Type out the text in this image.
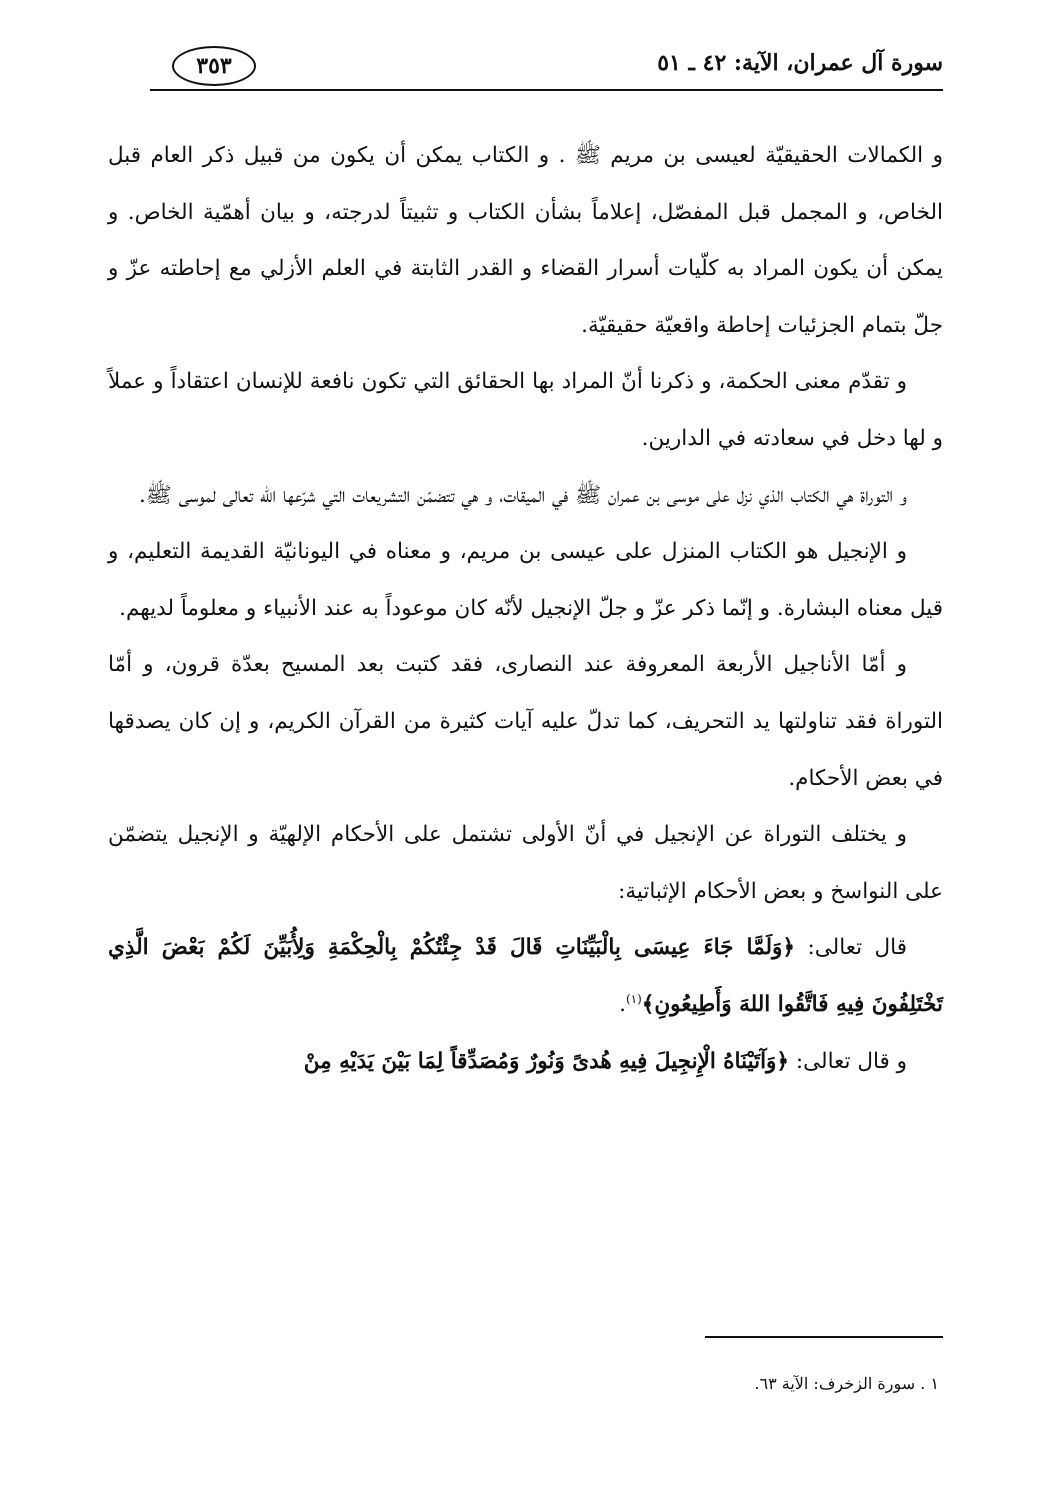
سورة آل عمران، الآية: ٤٢ ـ ٥١
٣٥٣

و الكمالات الحقيقيّة لعيسى بن مريم ﷺ . و الكتاب يمكن أن يكون من قبيل ذكر العام قبل الخاص، و المجمل قبل المفصّل، إعلاماً بشأن الكتاب و تثبيتاً لدرجته، و بيان أهمّية الخاص. و يمكن أن يكون المراد به كلّيات أسرار القضاء و القدر الثابتة في العلم الأزلي مع إحاطته عزّ و جلّ بتمام الجزئيات إحاطة واقعيّة حقيقيّة.

و تقدّم معنى الحكمة، و ذكرنا أنّ المراد بها الحقائق التي تكون نافعة للإنسان اعتقاداً و عملاً و لها دخل في سعادته في الدارين.

و التوراة هي الكتاب الذي نزل على موسى بن عمران ﷺ في الميقات، و هي تتضمّن التشريعات التي شرّعها الله تعالى لموسى ﷺ.

و الإنجيل هو الكتاب المنزل على عيسى بن مريم، و معناه في اليونانيّة القديمة التعليم، و قيل معناه البشارة. و إنّما ذكر عزّ و جلّ الإنجيل لأنّه كان موعوداً به عند الأنبياء و معلوماً لديهم.

و أمّا الأناجيل الأربعة المعروفة عند النصارى، فقد كتبت بعد المسيح بعدّة قرون، و أمّا التوراة فقد تناولتها يد التحريف، كما تدلّ عليه آيات كثيرة من القرآن الكريم، و إن كان يصدقها في بعض الأحكام.

و يختلف التوراة عن الإنجيل في أنّ الأولى تشتمل على الأحكام الإلهيّة و الإنجيل يتضمّن على النواسخ و بعض الأحكام الإثباتية:

قال تعالى: ﴿وَلَمَّا جَاءَ عِيسَى بِالْبَيِّنَاتِ قَالَ قَدْ جِئْتُكُمْ بِالْحِكْمَةِ وَلِأُبَيِّنَ لَكُمْ بَعْضَ الَّذِي تَخْتَلِفُونَ فِيهِ فَاتَّقُوا اللهَ وَأَطِيعُونِ﴾$^{(١)}$.

و قال تعالى: ﴿وَآتَيْنَاهُ الْإِنجِيلَ فِيهِ هُدىً وَنُورٌ وَمُصَدِّقاً لِمَا بَيْنَ يَدَيْهِ مِنْ

١ . سورة الزخرف: الآية ٦٣.
